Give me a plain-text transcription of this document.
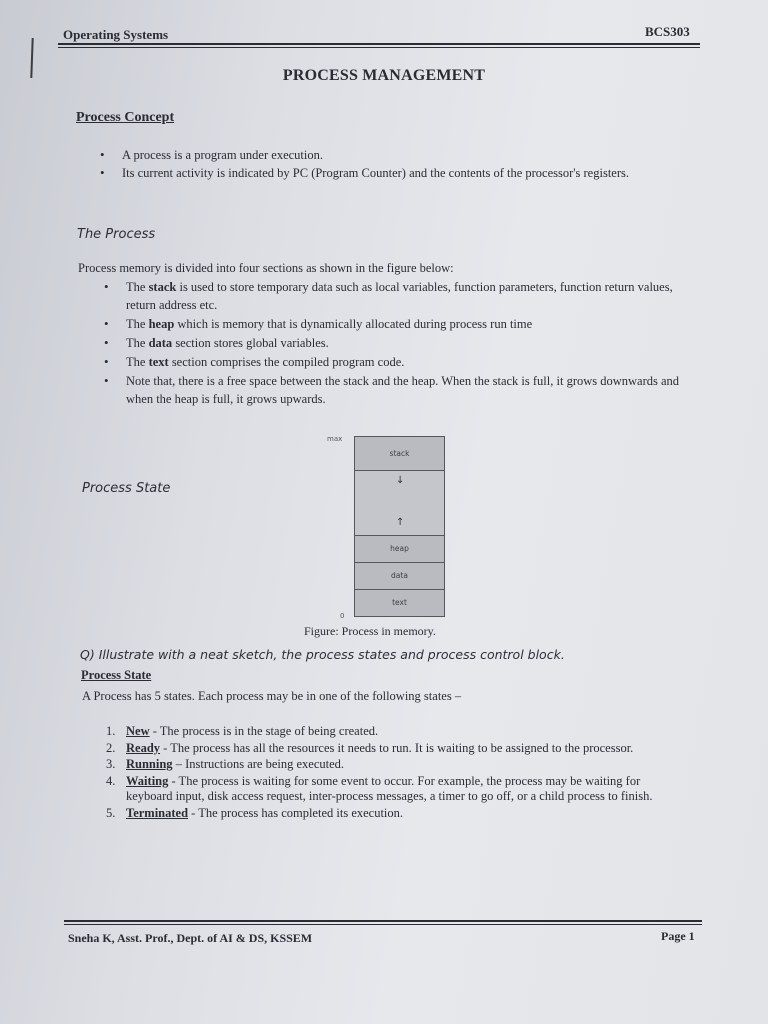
Operating Systems	BCS303
PROCESS MANAGEMENT
Process Concept
• A process is a program under execution.
• Its current activity is indicated by PC (Program Counter) and the contents of the processor's registers.
The Process
Process memory is divided into four sections as shown in the figure below:
• The stack is used to store temporary data such as local variables, function parameters, function return values, return address etc.
• The heap which is memory that is dynamically allocated during process run time
• The data section stores global variables.
• The text section comprises the compiled program code.
• Note that, there is a free space between the stack and the heap. When the stack is full, it grows downwards and when the heap is full, it grows upwards.
Process State
max
stack
↓
↑
heap
data
text
0
Figure: Process in memory.
Q) Illustrate with a neat sketch, the process states and process control block.
Process State
A Process has 5 states. Each process may be in one of the following states –
1. New - The process is in the stage of being created.
2. Ready - The process has all the resources it needs to run. It is waiting to be assigned to the processor.
3. Running – Instructions are being executed.
4. Waiting - The process is waiting for some event to occur. For example, the process may be waiting for keyboard input, disk access request, inter-process messages, a timer to go off, or a child process to finish.
5. Terminated - The process has completed its execution.
Sneha K, Asst. Prof., Dept. of AI & DS, KSSEM	Page 1
